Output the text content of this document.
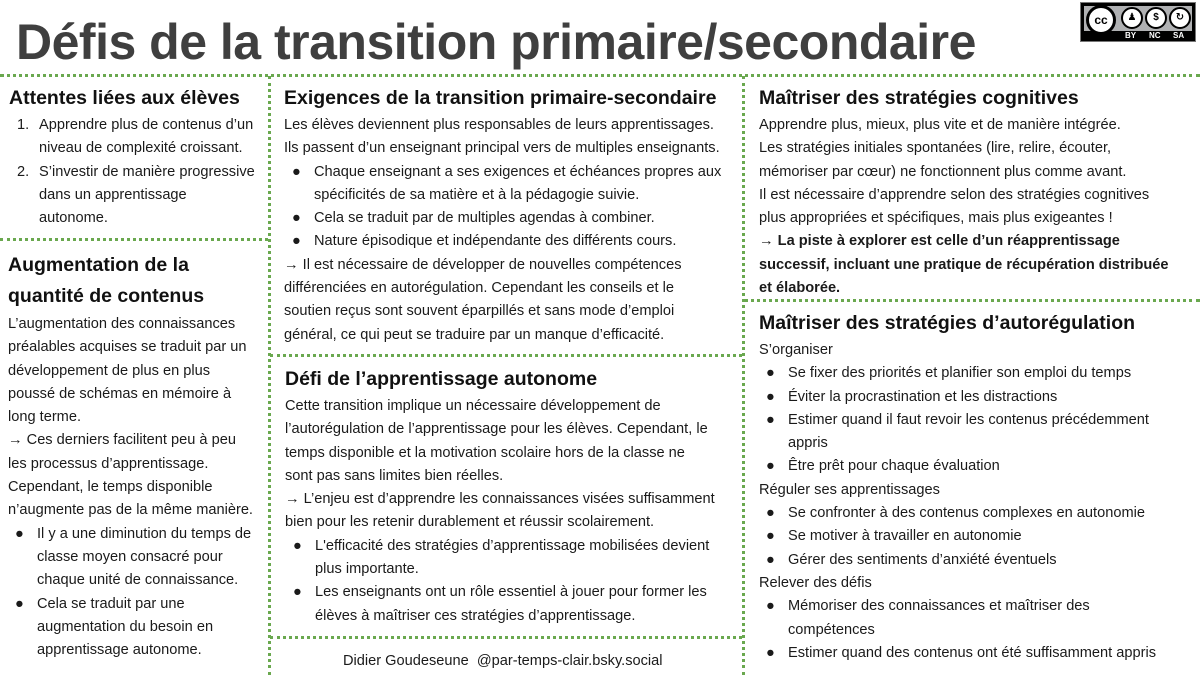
Défis de la transition primaire/secondaire	cc	♟	$	↻
BY NC SA
Attentes liées aux élèves
1. Apprendre plus de contenus d’un
niveau de complexité croissant.
2. S’investir de manière progressive
dans un apprentissage
autonome.
Augmentation de la
quantité de contenus

L’augmentation des connaissances
préalables acquises se traduit par un
développement de plus en plus
poussé de schémas en mémoire à
long terme.
→ Ces derniers facilitent peu à peu
les processus d’apprentissage.
Cependant, le temps disponible
n’augmente pas de la même manière.

● Il y a une diminution du temps de
classe moyen consacré pour
chaque unité de connaissance.
● Cela se traduit par une
augmentation du besoin en
apprentissage autonome.
Exigences de la transition primaire-secondaire

Les élèves deviennent plus responsables de leurs apprentissages.
Ils passent d’un enseignant principal vers de multiples enseignants.

● Chaque enseignant a ses exigences et échéances propres aux
spécificités de sa matière et à la pédagogie suivie.
● Cela se traduit par de multiples agendas à combiner.
● Nature épisodique et indépendante des différents cours.

→ Il est nécessaire de développer de nouvelles compétences
différenciées en autorégulation. Cependant les conseils et le
soutien reçus sont souvent éparpillés et sans mode d’emploi
général, ce qui peut se traduire par un manque d’efficacité.

Défi de l’apprentissage autonome

Cette transition implique un nécessaire développement de
l’autorégulation de l’apprentissage pour les élèves. Cependant, le
temps disponible et la motivation scolaire hors de la classe ne
sont pas sans limites bien réelles.

→ L’enjeu est d’apprendre les connaissances visées suffisamment
bien pour les retenir durablement et réussir scolairement.

● L'efficacité des stratégies d’apprentissage mobilisées devient
plus importante.
● Les enseignants ont un rôle essentiel à jouer pour former les
élèves à maîtriser ces stratégies d’apprentissage.
Didier Goudeseune @par-temps-clair.bsky.social
Maîtriser des stratégies cognitives

Apprendre plus, mieux, plus vite et de manière intégrée.
Les stratégies initiales spontanées (lire, relire, écouter,
mémoriser par cœur) ne fonctionnent plus comme avant.
Il est nécessaire d’apprendre selon des stratégies cognitives
plus appropriées et spécifiques, mais plus exigeantes !

→ La piste à explorer est celle d’un réapprentissage
successif, incluant une pratique de récupération distribuée
et élaborée.

Maîtriser des stratégies d’autorégulation

S’organiser

● Se fixer des priorités et planifier son emploi du temps
● Éviter la procrastination et les distractions
● Estimer quand il faut revoir les contenus précédemment
appris
● Être prêt pour chaque évaluation

Réguler ses apprentissages

● Se confronter à des contenus complexes en autonomie
● Se motiver à travailler en autonomie
● Gérer des sentiments d’anxiété éventuels

Relever des défis

● Mémoriser des connaissances et maîtriser des
compétences
● Estimer quand des contenus ont été suffisamment appris
